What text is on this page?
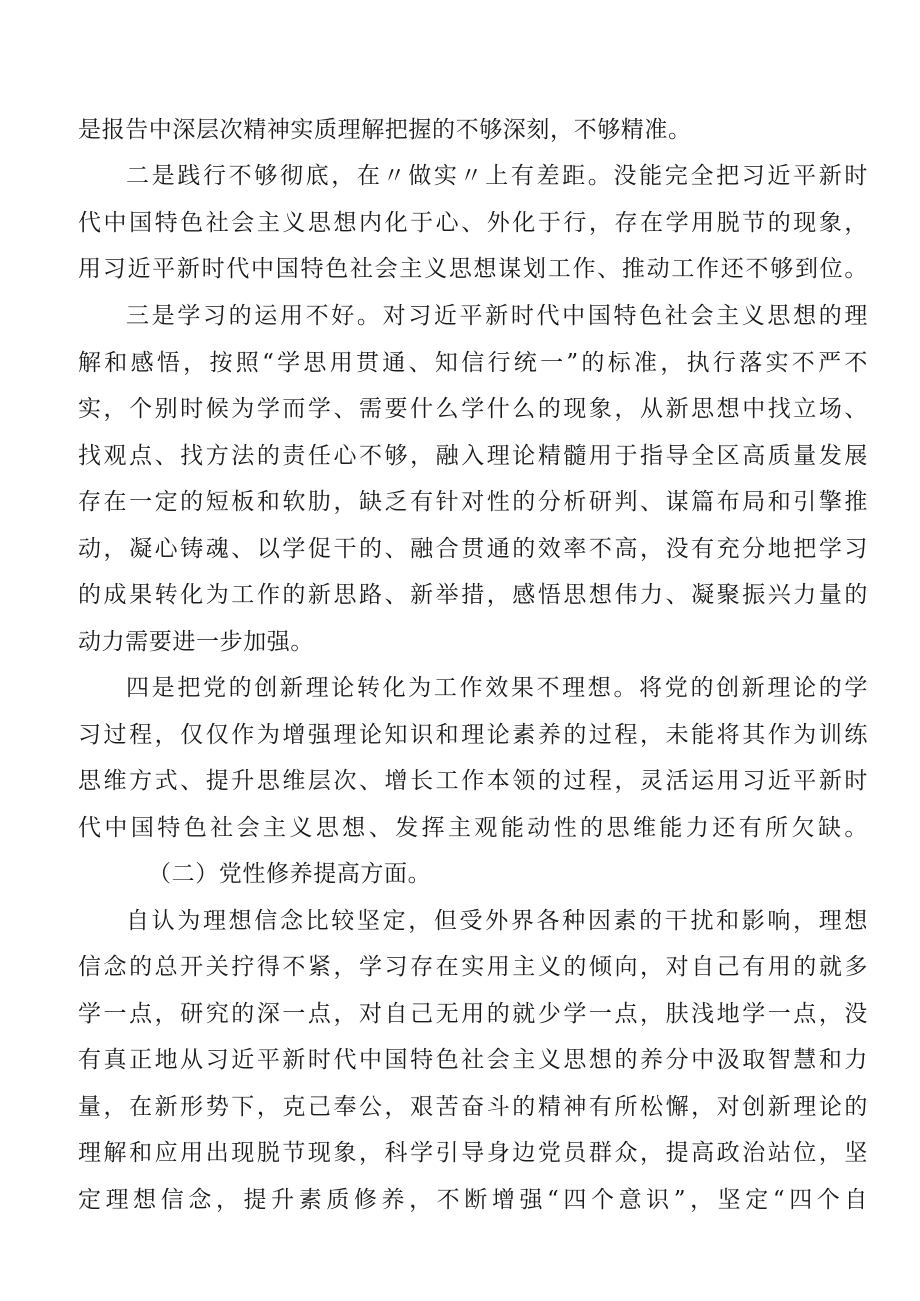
是报告中深层次精神实质理解把握的不够深刻，不够精准。
二是践行不够彻底，在〃做实〃上有差距。没能完全把习近平新时
代中国特色社会主义思想内化于心、外化于行，存在学用脱节的现象，
用习近平新时代中国特色社会主义思想谋划工作、推动工作还不够到位。
三是学习的运用不好。对习近平新时代中国特色社会主义思想的理
解和感悟，按照“学思用贯通、知信行统一”的标准，执行落实不严不
实，个别时候为学而学、需要什么学什么的现象，从新思想中找立场、
找观点、找方法的责任心不够，融入理论精髓用于指导全区高质量发展
存在一定的短板和软肋，缺乏有针对性的分析研判、谋篇布局和引擎推
动，凝心铸魂、以学促干的、融合贯通的效率不高，没有充分地把学习
的成果转化为工作的新思路、新举措，感悟思想伟力、凝聚振兴力量的
动力需要进一步加强。
四是把党的创新理论转化为工作效果不理想。将党的创新理论的学
习过程，仅仅作为增强理论知识和理论素养的过程，未能将其作为训练
思维方式、提升思维层次、增长工作本领的过程，灵活运用习近平新时
代中国特色社会主义思想、发挥主观能动性的思维能力还有所欠缺。
（二）党性修养提高方面。
自认为理想信念比较坚定，但受外界各种因素的干扰和影响，理想
信念的总开关拧得不紧，学习存在实用主义的倾向，对自己有用的就多
学一点，研究的深一点，对自己无用的就少学一点，肤浅地学一点，没
有真正地从习近平新时代中国特色社会主义思想的养分中汲取智慧和力
量，在新形势下，克己奉公，艰苦奋斗的精神有所松懈，对创新理论的
理解和应用出现脱节现象，科学引导身边党员群众，提高政治站位，坚
定理想信念，提升素质修养，不断增强“四个意识”，坚定“四个自
